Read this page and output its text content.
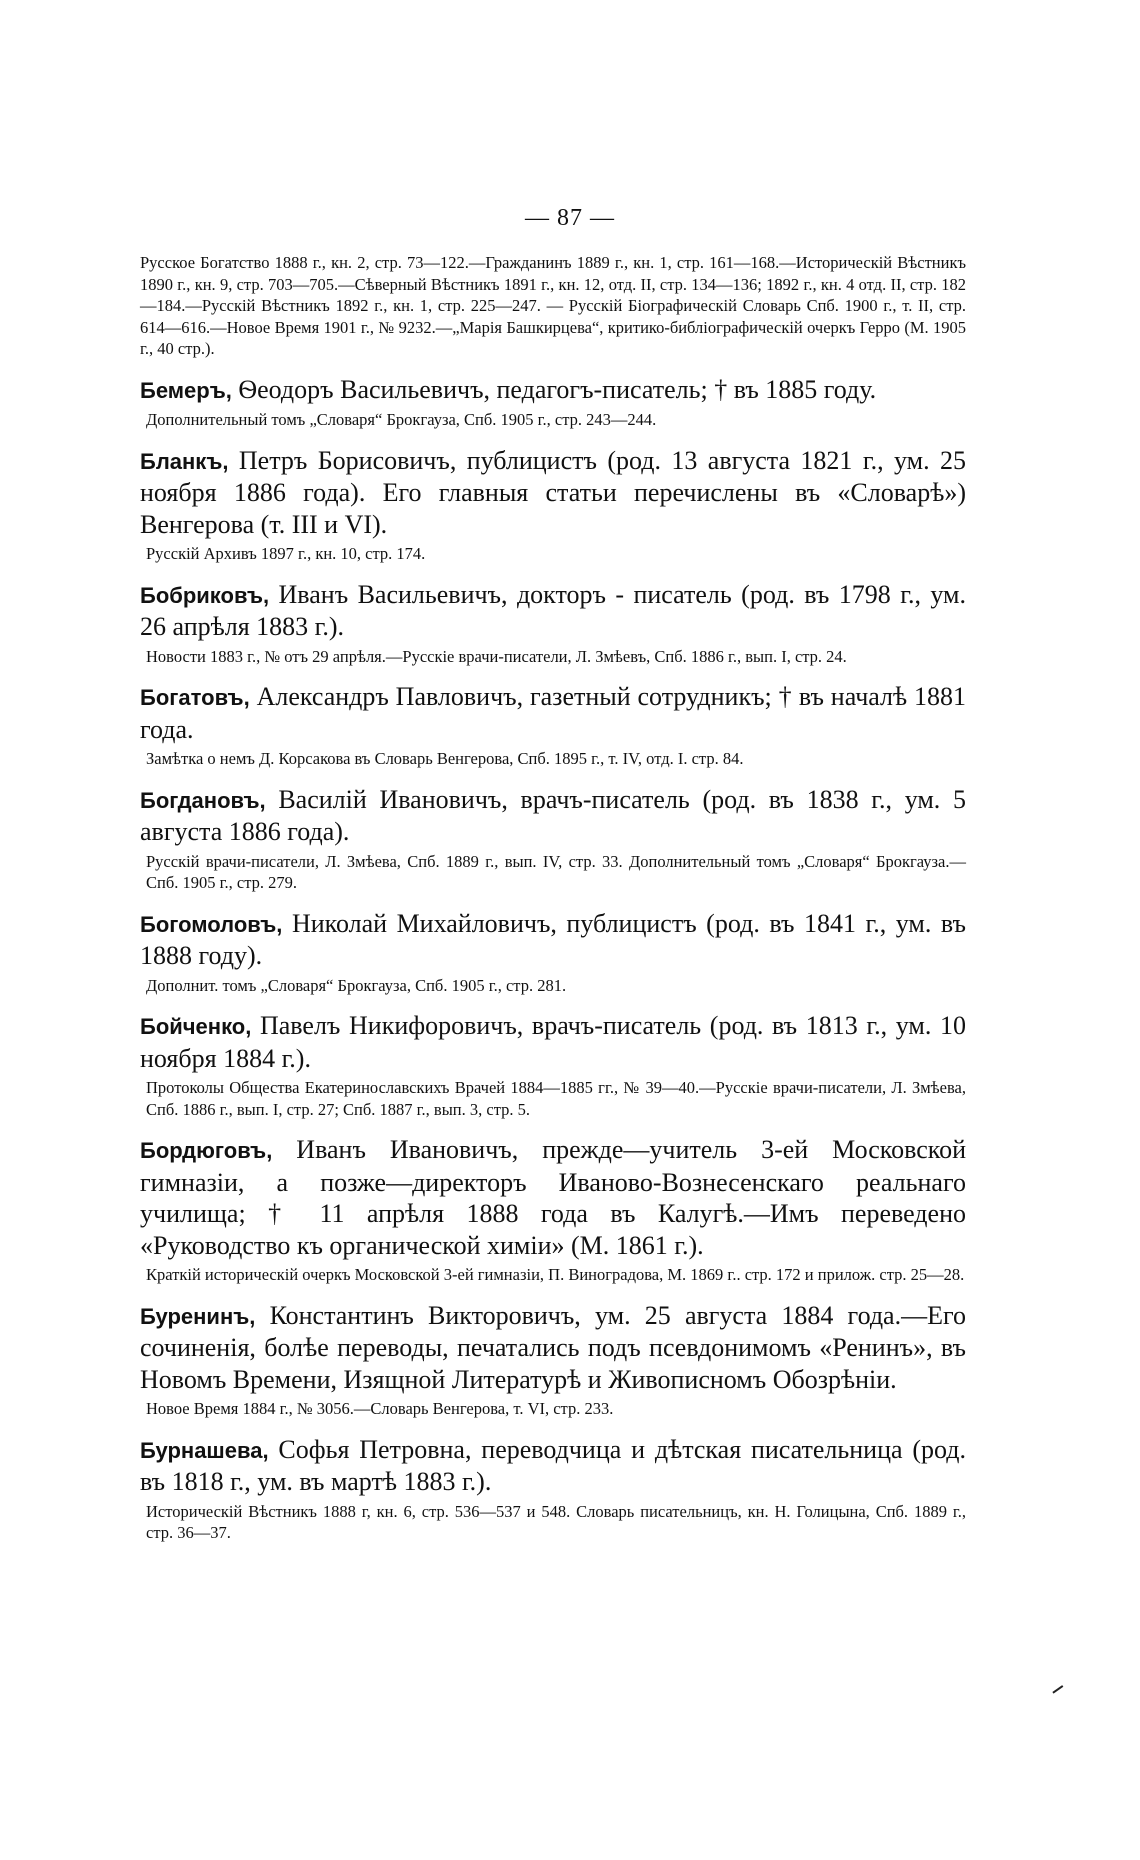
— 87 —

Русское Богатство 1888 г., кн. 2, стр. 73—122.—Гражданинъ 1889 г., кн. 1, стр. 161—168.—Историческій Вѣстникъ 1890 г., кн. 9, стр. 703—705.—Сѣверный Вѣстникъ 1891 г., кн. 12, отд. II, стр. 134—136; 1892 г., кн. 4 отд. II, стр. 182—184.—Русскій Вѣстникъ 1892 г., кн. 1, стр. 225—247. — Русскій Біографическій Словарь Спб. 1900 г., т. II, стр. 614—616.—Новое Время 1901 г., № 9232.—„Марія Башкирцева“, критико-библіографическій очеркъ Герро (М. 1905 г., 40 стр.).

Бемеръ, Ѳеодоръ Васильевичъ, педагогъ-писатель; † въ 1885 году.

Дополнительный томъ „Словаря“ Брокгауза, Спб. 1905 г., стр. 243—244.

Бланкъ, Петръ Борисовичъ, публицистъ (род. 13 августа 1821 г., ум. 25 ноября 1886 года). Его главныя статьи перечислены въ «Словарѣ») Венгерова (т. III и VI).

Русскій Архивъ 1897 г., кн. 10, стр. 174.

Бобриковъ, Иванъ Васильевичъ, докторъ - писатель (род. въ 1798 г., ум. 26 апрѣля 1883 г.).

Новости 1883 г., № отъ 29 апрѣля.—Русскіе врачи-писатели, Л. Змѣевъ, Спб. 1886 г., вып. I, стр. 24.

Богатовъ, Александръ Павловичъ, газетный сотрудникъ; † въ началѣ 1881 года.

Замѣтка о немъ Д. Корсакова въ Словарь Венгерова, Спб. 1895 г., т. IV, отд. I. стр. 84.

Богдановъ, Василій Ивановичъ, врачъ-писатель (род. въ 1838 г., ум. 5 августа 1886 года).

Русскій врачи-писатели, Л. Змѣева, Спб. 1889 г., вып. IV, стр. 33. Дополнительный томъ „Словаря“ Брокгауза.—Спб. 1905 г., стр. 279.

Богомоловъ, Николай Михайловичъ, публицистъ (род. въ 1841 г., ум. въ 1888 году).

Дополнит. томъ „Словаря“ Брокгауза, Спб. 1905 г., стр. 281.

Бойченко, Павелъ Никифоровичъ, врачъ-писатель (род. въ 1813 г., ум. 10 ноября 1884 г.).

Протоколы Общества Екатеринославскихъ Врачей 1884—1885 гг., № 39—40.—Русскіе врачи-писатели, Л. Змѣева, Спб. 1886 г., вып. I, стр. 27; Спб. 1887 г., вып. 3, стр. 5.

Бордюговъ, Иванъ Ивановичъ, прежде—учитель 3-ей Московской гимназіи, а позже—директоръ Иваново-Вознесенскаго реальнаго училища; † 11 апрѣля 1888 года въ Калугѣ.—Имъ переведено «Руководство къ органической химіи» (М. 1861 г.).

Краткій историческій очеркъ Московской 3-ей гимназіи, П. Виноградова, М. 1869 г.. стр. 172 и прилож. стр. 25—28.

Буренинъ, Константинъ Викторовичъ, ум. 25 августа 1884 года.—Его сочиненія, болѣе переводы, печатались подъ псевдонимомъ «Ренинъ», въ Новомъ Времени, Изящной Литературѣ и Живописномъ Обозрѣніи.

Новое Время 1884 г., № 3056.—Словарь Венгерова, т. VI, стр. 233.

Бурнашева, Софья Петровна, переводчица и дѣтская писательница (род. въ 1818 г., ум. въ мартѣ 1883 г.).

Историческій Вѣстникъ 1888 г, кн. 6, стр. 536—537 и 548. Словарь писательницъ, кн. Н. Голицына, Спб. 1889 г., стр. 36—37.
